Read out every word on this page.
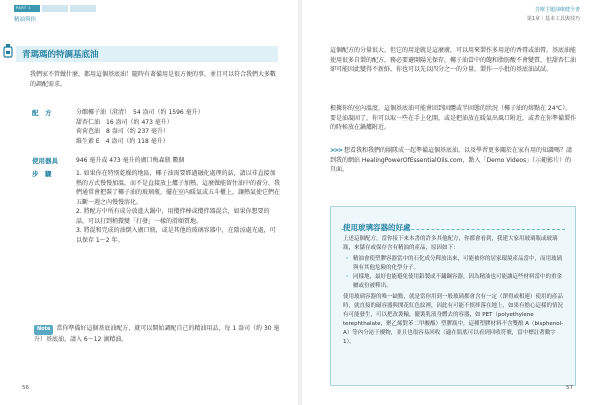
PART 1
精油與你
青瑪瑪的特調基底油
我們家不管做什麼，都用這個基底油！隨時有著備用是很方便的事，並且可以符合我們大多數的調配需求。
配　方	分餾椰子油（澄清）　54 盎司（約 1596 毫升）
甜杏仁油　16 盎司（約 473 毫升）
荷荷芭油　8 盎司（約 237 毫升）
維生素 E　4 盎司（約 118 毫升）
使用器具	946 毫升或 473 毫升的廣口梅森瓶 數個
步　驟	1. 如果你在特別乾燥的地區，椰子油需要經過融化處理的話，請以非直接加熱的方式慢慢加溫，而不是直接放上爐子加熱。這麼做能留住油中的養分，我們通常會把裝了椰子油的玻璃瓶，擺在室內暖氣或五斗櫃上，讓熱氣使它們在五斷一週之內慢慢溶化。

2. 將配方中所有成分放進大鍋中，用攪拌棒或攪拌器混合，如果你想要的話，可以打到稍微變「打發」一樣的滑順質地。

3. 將混和完成的油倒入廣口瓶，或是其他的玻璃容器中，在陰涼處光處，可以保存 1～2 年。

Note 當你準備好這個基底油配方，就可以開始調配自己的精油用品，每 1 盎司（約 30 毫升）基底油，請入 6～12 滴精油。
56
芳療主題油療健全書
第1章｜基本工具與技巧
這個配方的分量很大，但它的用途就是這麼廣，可以用來製作多用途的香膏或油膏。基底油能使用很多自製的配方，務必要避開陽光保存，椰子油當中的飽和脂肪酸不會變質，但甜杏仁油卻可能因此變得不新鮮，你也可以先以四分之一的分量，製作一小批的基底油試試。
根據你的室內溫度，這個基底油可能會回到固體或半固態的狀況（椰子油的熔點在 24℃）。要是油凝固了，你可以取一些在手上化開，或是把油放在暖氣出風口附近，或者在你準備製作的時候放在鍋爐附近。
>>> 想看我和我們的團隊成一起準備這個基底油，以及學習更多關於在家有用的知識嗎？請到我的網站 HealingPowerOfEssentialOils.com，點入「Demo Videos」（示範影片）的頁面。
使用玻璃容器的好處

上述這個配方，當你接下來本書的許多其他配方，你都會看到，我建大家用玻璃瓶或玻璃瓶，來儲存或保存含有精油的產品，原因如下：

· 精油會使塑膠容器當中的石化成分釋放出來，可能被你的居家環境產品當中，而用玻璃與有其他危險的化學分子。
· 同樣地，最好也能避免使用鋁製或不鏽鋼容器，因為精油也可能讓這些材料當中的重金屬或份被釋出。

使用玻璃容器的唯一缺點，就是當你用到一般玻璃都會含有一定（澤得或相連）使用的產品時，就直接的磁容器與開花紅色紋裡，因此有可能不慎摔落在地上，如果有擔心這樣的情況有可能發生，可以把改裝輸，擺裝乳液身體去的容器，如 PET（polyethylene terephthalate，聚乙烯對苯二甲酸酯）塑膠瓶中，這種塑膠材料不含雙酚 A（bisphenol-A）等內分泌干擾物，並且也很容易回收（適在瓶底可以看到回收符號，當中標註著數字 1）。

57
